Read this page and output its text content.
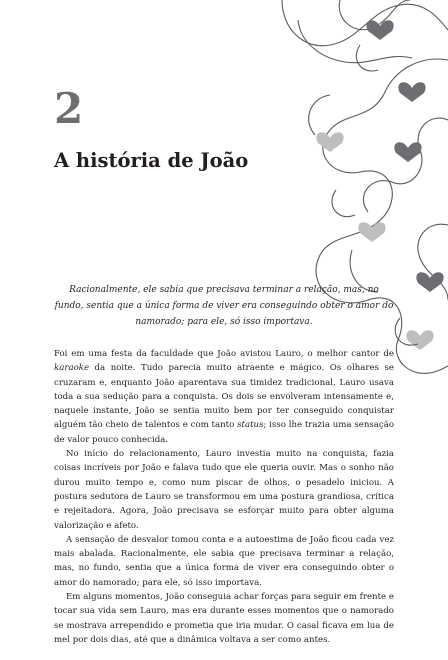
2
A história de João

Racionalmente, ele sabia que precisava terminar a relação, mas, no fundo, sentia que a única forma de viver era conseguindo obter o amor do namorado; para ele, só isso importava.

Foi em uma festa da faculdade que João avistou Lauro, o melhor cantor de karaoke da noite. Tudo parecia muito atraente e mágico. Os olhares se cruzaram e, enquanto João aparentava sua timidez tradicional, Lauro usava toda a sua sedução para a conquista. Os dois se envolveram intensamente e, naquele instante, João se sentia muito bem por ter conseguido conquistar alguém tão cheio de talentos e com tanto status; isso lhe trazia uma sensação de valor pouco conhecida.

No início do relacionamento, Lauro investia muito na conquista, fazia coisas incríveis por João e falava tudo que ele queria ouvir. Mas o sonho não durou muito tempo e, como num piscar de olhos, o pesadelo iniciou. A postura sedutora de Lauro se transformou em uma postura grandiosa, crítica e rejeitadora. Agora, João precisava se esforçar muito para obter alguma valorização e afeto.

A sensação de desvalor tomou conta e a autoestima de João ficou cada vez mais abalada. Racionalmente, ele sabia que precisava terminar a relação, mas, no fundo, sentia que a única forma de viver era conseguindo obter o amor do namorado; para ele, só isso importava.

Em alguns momentos, João conseguia achar forças para seguir em frente e tocar sua vida sem Lauro, mas era durante esses momentos que o namorado se mostrava arrependido e prometia que iria mudar. O casal ficava em lua de mel por dois dias, até que a dinâmica voltava a ser como antes.
